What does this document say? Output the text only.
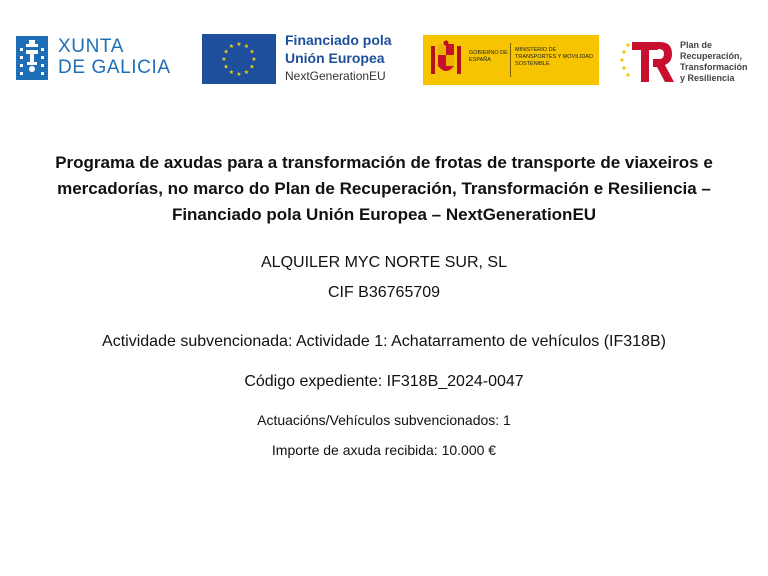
XUNTA
DE GALICIA
★ ★
★
★
★
★
★
★
★
★
★
★	Financiado pola
Unión Europea
NextGenerationEU
GOBIERNO DE ESPAÑA
MINISTERIO DE TRANSPORTES Y MOVILIDAD SOSTENIBLE
Plan de
Recuperación,
Transformación
y Resiliencia
Programa de axudas para a transformación de frotas de transporte de viaxeiros e mercadorías, no marco do Plan de Recuperación, Transformación e Resiliencia – Financiado pola Unión Europea – NextGenerationEU
ALQUILER MYC NORTE SUR, SL
CIF B36765709
Actividade subvencionada: Actividade 1: Achatarramento de vehículos (IF318B)
Código expediente: IF318B_2024-0047
Actuacións/Vehículos subvencionados: 1
Importe de axuda recibida: 10.000 €
